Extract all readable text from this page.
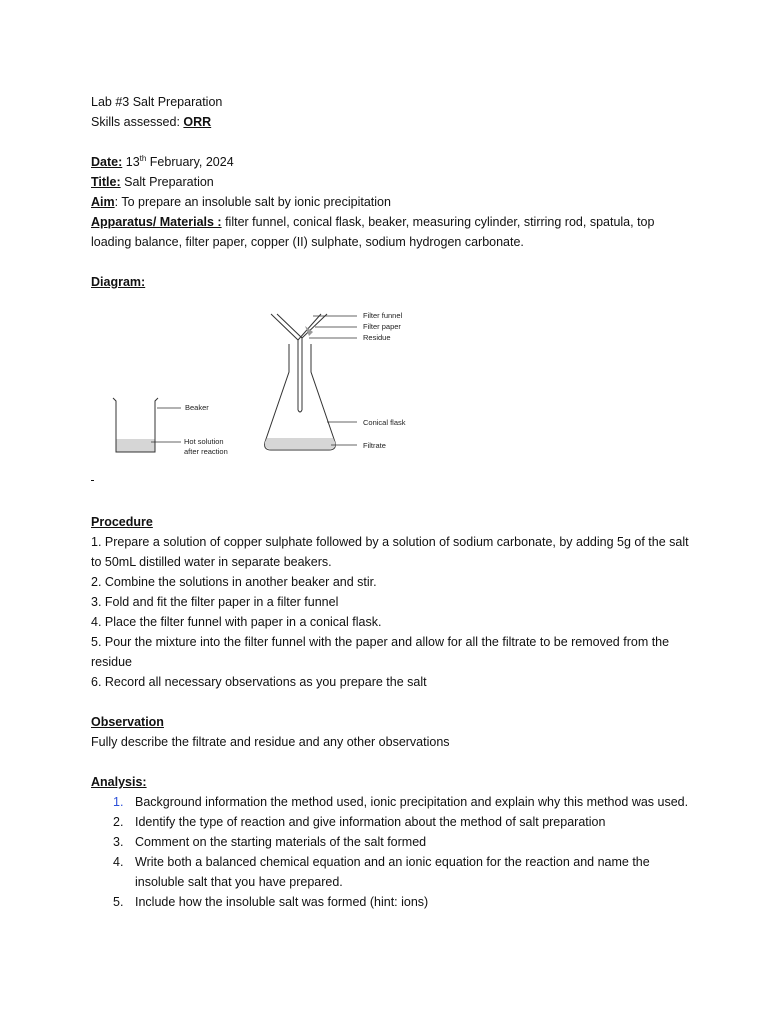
Lab #3 Salt Preparation
Skills assessed: ORR
Date: 13th February, 2024
Title: Salt Preparation
Aim: To prepare an insoluble salt by ionic precipitation
Apparatus/ Materials : filter funnel, conical flask, beaker, measuring cylinder, stirring rod, spatula, top loading balance, filter paper, copper (II) sulphate, sodium hydrogen carbonate.
Diagram:
Filter funnel
Filter paper
Residue
Conical flask
Filtrate
Beaker
Hot solution
after reaction
Procedure
1. Prepare a solution of copper sulphate followed by a solution of sodium carbonate, by adding 5g of the salt to 50mL distilled water in separate beakers.
2. Combine the solutions in another beaker and stir.
3. Fold and fit the filter paper in a filter funnel
4. Place the filter funnel with paper in a conical flask.
5. Pour the mixture into the filter funnel with the paper and allow for all the filtrate to be removed from the residue
6. Record all necessary observations as you prepare the salt
Observation
Fully describe the filtrate and residue and any other observations
Analysis:
1. Background information the method used, ionic precipitation and explain why this method was used.
2. Identify the type of reaction and give information about the method of salt preparation
3. Comment on the starting materials of the salt formed
4. Write both a balanced chemical equation and an ionic equation for the reaction and name the insoluble salt that you have prepared.
5. Include how the insoluble salt was formed (hint: ions)
